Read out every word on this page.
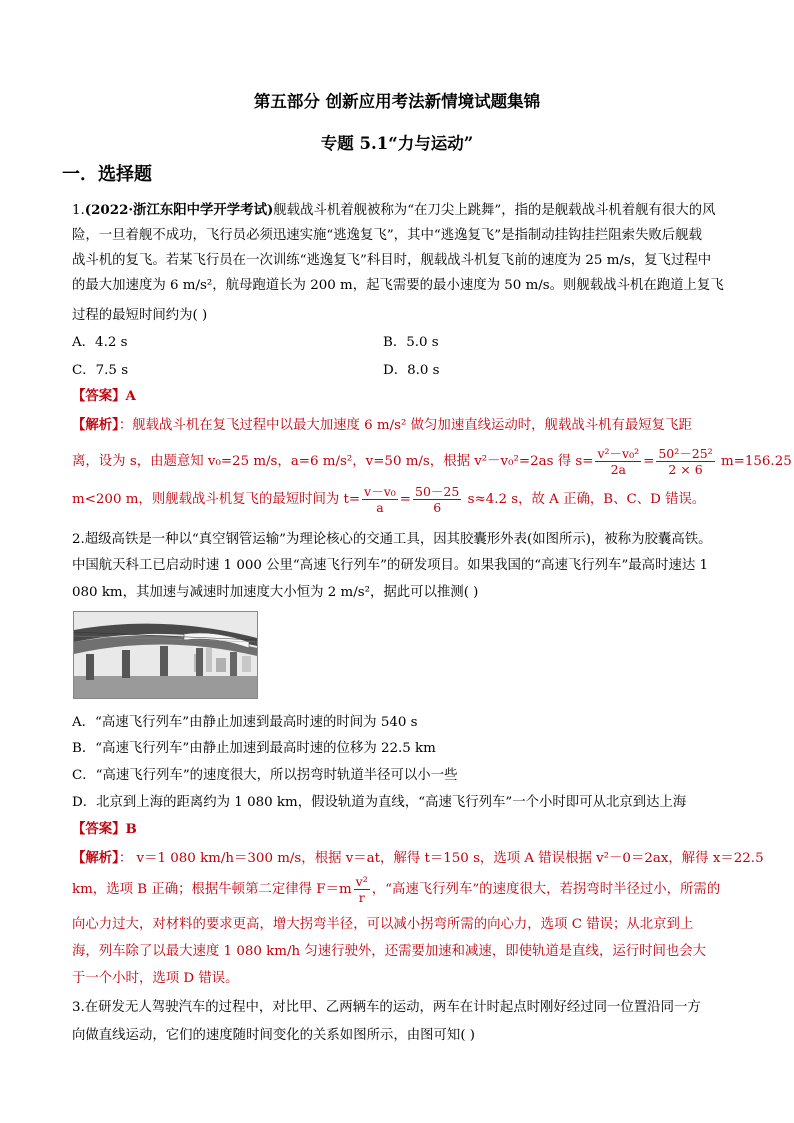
第五部分 创新应用考法新情境试题集锦
专题 5.1“力与运动”
一．选择题
1.(2022·浙江东阳中学开学考试)舰载战斗机着舰被称为“在刀尖上跳舞”，指的是舰载战斗机着舰有很大的风
险，一旦着舰不成功，飞行员必须迅速实施“逃逸复飞”，其中“逃逸复飞”是指制动挂钩挂拦阻索失败后舰载
战斗机的复飞。若某飞行员在一次训练“逃逸复飞”科目时，舰载战斗机复飞前的速度为 25 m/s，复飞过程中
的最大加速度为 6 m/s²，航母跑道长为 200 m，起飞需要的最小速度为 50 m/s。则舰载战斗机在跑道上复飞
过程的最短时间约为( )
A．4.2 s	B．5.0 s
C．7.5 s	D．8.0 s
【答案】A
【解析】：舰载战斗机在复飞过程中以最大加速度 6 m/s² 做匀加速直线运动时，舰载战斗机有最短复飞距
离，设为 s，由题意知 v₀=25 m/s，a=6 m/s²，v=50 m/s，根据 v²－v₀²=2as 得 $s= \frac{\text{v²－v₀²}}{2a} = \frac{\text{50²－25²}}{2 \times 6} m=156.25$
m<200 m，则舰载战斗机复飞的最短时间为 $t= \frac{\text{v－v₀}}{a} = \frac{50-25}{6} s\approx 4.2$ s，故 A 正确，B、C、D 错误。
2.超级高铁是一种以“真空钢管运输”为理论核心的交通工具，因其胶囊形外表(如图所示)，被称为胶囊高铁。
中国航天科工已启动时速 1 000 公里“高速飞行列车”的研发项目。如果我国的“高速飞行列车”最高时速达 1
080 km，其加速与减速时加速度大小恒为 2 m/s²，据此可以推测( )
A．“高速飞行列车”由静止加速到最高时速的时间为 540 s
B．“高速飞行列车”由静止加速到最高时速的位移为 22.5 km
C．“高速飞行列车”的速度很大，所以拐弯时轨道半径可以小一些
D．北京到上海的距离约为 1 080 km，假设轨道为直线，“高速飞行列车”一个小时即可从北京到达上海
【答案】B
【解析】： v＝1 080 km/h＝300 m/s，根据 v＝at，解得 t＝150 s，选项 A 错误根据 v²－0＝2ax，解得 x＝22.5
km，选项 B 正确；根据牛顿第二定律得 $F=m \frac{\text{v²}}{r}$ ，“高速飞行列车”的速度很大，若拐弯时半径过小，所需的
向心力过大，对材料的要求更高，增大拐弯半径，可以减小拐弯所需的向心力，选项 C 错误；从北京到上
海，列车除了以最大速度 1 080 km/h 匀速行驶外，还需要加速和减速，即使轨道是直线，运行时间也会大
于一个小时，选项 D 错误。
3.在研发无人驾驶汽车的过程中，对比甲、乙两辆车的运动，两车在计时起点时刚好经过同一位置沿同一方
向做直线运动，它们的速度随时间变化的关系如图所示，由图可知( )
